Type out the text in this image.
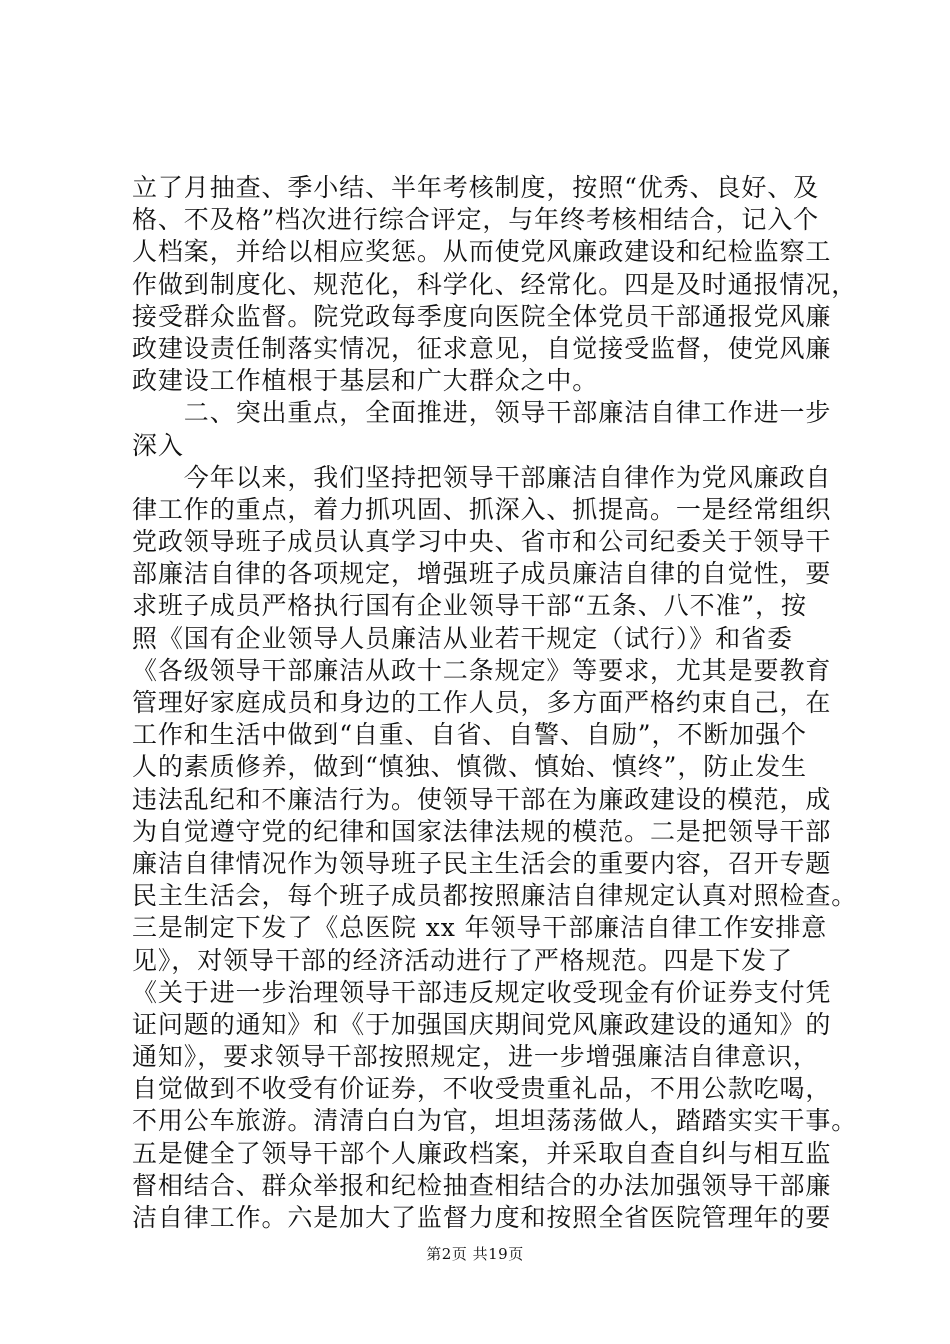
立了月抽查、季小结、半年考核制度，按照“优秀、良好、及
格、不及格”档次进行综合评定，与年终考核相结合，记入个
人档案，并给以相应奖惩。从而使党风廉政建设和纪检监察工
作做到制度化、规范化，科学化、经常化。四是及时通报情况，
接受群众监督。院党政每季度向医院全体党员干部通报党风廉
政建设责任制落实情况，征求意见，自觉接受监督，使党风廉
政建设工作植根于基层和广大群众之中。
　　二、突出重点，全面推进，领导干部廉洁自律工作进一步
深入
　　今年以来，我们坚持把领导干部廉洁自律作为党风廉政自
律工作的重点，着力抓巩固、抓深入、抓提高。一是经常组织
党政领导班子成员认真学习中央、省市和公司纪委关于领导干
部廉洁自律的各项规定，增强班子成员廉洁自律的自觉性，要
求班子成员严格执行国有企业领导干部“五条、八不准”，按
照《国有企业领导人员廉洁从业若干规定（试行）》和省委
《各级领导干部廉洁从政十二条规定》等要求，尤其是要教育
管理好家庭成员和身边的工作人员，多方面严格约束自己，在
工作和生活中做到“自重、自省、自警、自励”，不断加强个
人的素质修养，做到“慎独、慎微、慎始、慎终”，防止发生
违法乱纪和不廉洁行为。使领导干部在为廉政建设的模范，成
为自觉遵守党的纪律和国家法律法规的模范。二是把领导干部
廉洁自律情况作为领导班子民主生活会的重要内容，召开专题
民主生活会，每个班子成员都按照廉洁自律规定认真对照检查。
三是制定下发了《总医院 xx 年领导干部廉洁自律工作安排意
见》，对领导干部的经济活动进行了严格规范。四是下发了
《关于进一步治理领导干部违反规定收受现金有价证券支付凭
证问题的通知》和《于加强国庆期间党风廉政建设的通知》的
通知》，要求领导干部按照规定，进一步增强廉洁自律意识，
自觉做到不收受有价证券，不收受贵重礼品，不用公款吃喝，
不用公车旅游。清清白白为官，坦坦荡荡做人，踏踏实实干事。
五是健全了领导干部个人廉政档案，并采取自查自纠与相互监
督相结合、群众举报和纪检抽查相结合的办法加强领导干部廉
洁自律工作。六是加大了监督力度和按照全省医院管理年的要
第2页 共19页
